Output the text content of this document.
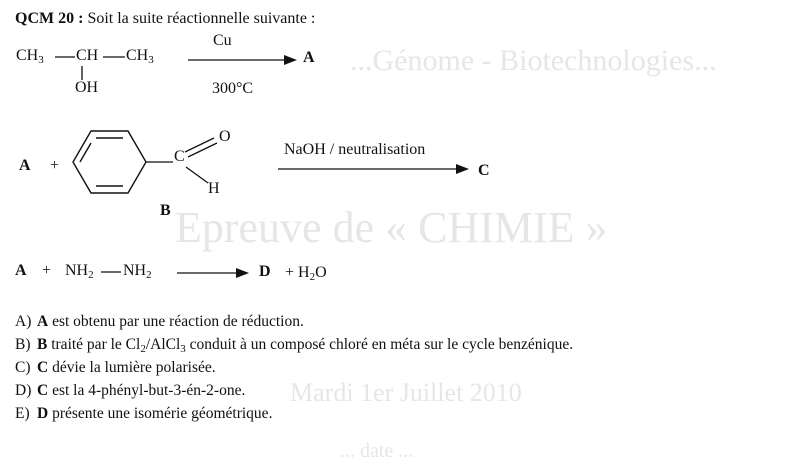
...Génome - Biotechnologies...
Epreuve de « CHIMIE »
Mardi 1er Juillet 2010
... date ...
QCM 20 : Soit la suite réactionnelle suivante :
$CH_3$ CH $CH_3$
OH
Cu
300°C
A
A +
C
O
H
B
NaOH / neutralisation
C
$A + NH_2$ $NH_2$	$D + H_2O$
A) A est obtenu par une réaction de réduction.
B) B traité par le $Cl_2/AlCl_3$ conduit à un composé chloré en méta sur le cycle benzénique.
C) C dévie la lumière polarisée.
D) C est la 4-phényl-but-3-én-2-one.
E) D présente une isomérie géométrique.
